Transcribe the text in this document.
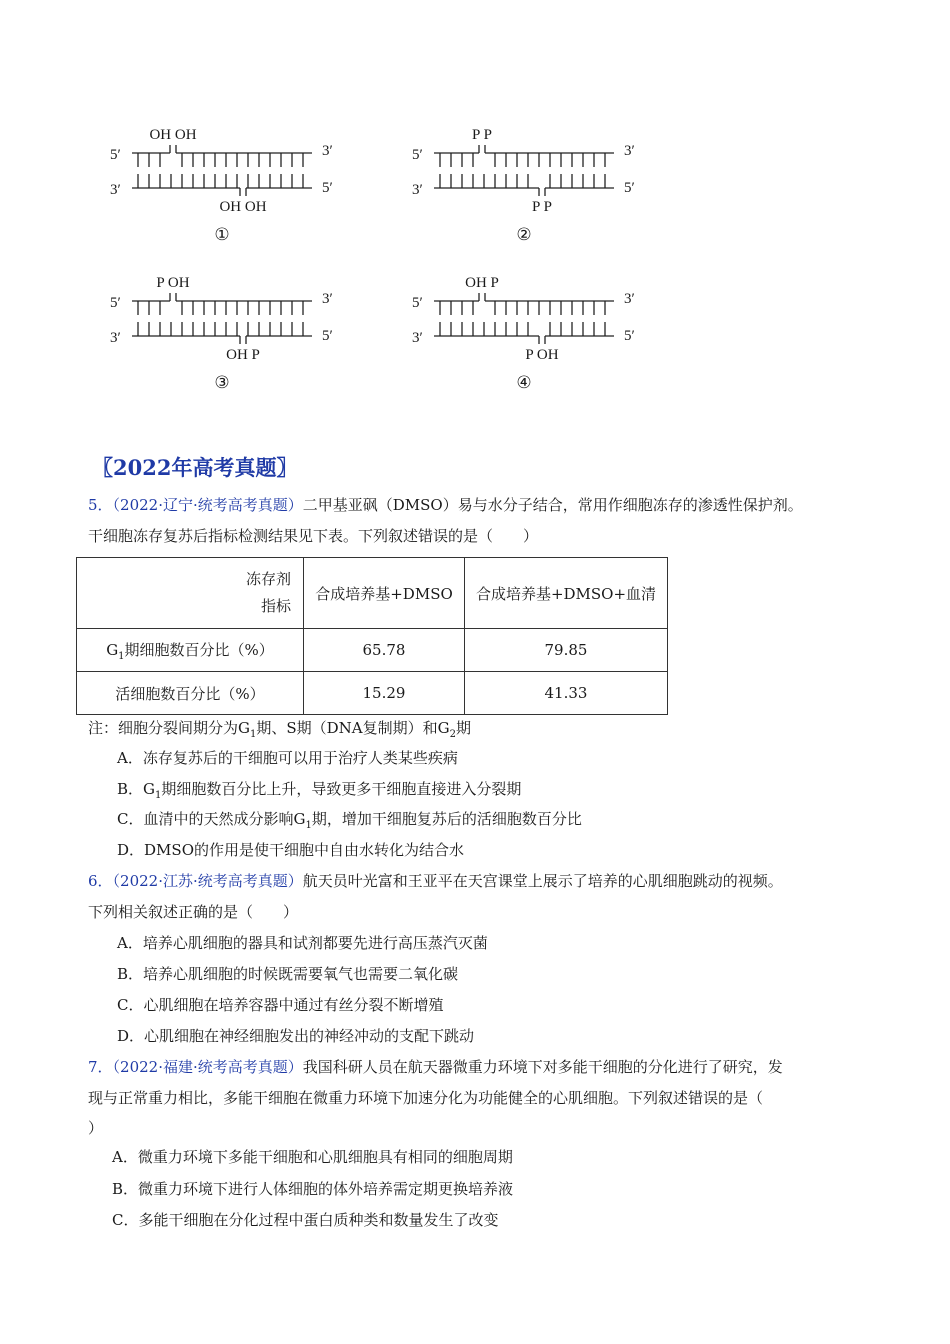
5′	3′
3′	5′
OH OH
OH OH
①
5′	3′
3′	5′
P P
P P
②
5′	3′
3′	5′
P OH
OH P
③
5′	3′
3′	5′
OH P
P OH
④
〖2022年高考真题〗
5．（2022·辽宁·统考高考真题）二甲基亚砜（DMSO）易与水分子结合，常用作细胞冻存的渗透性保护剂。
干细胞冻存复苏后指标检测结果见下表。下列叙述错误的是（　　）
冻存剂
指标	合成培养基+DMSO	合成培养基+DMSO+血清
$G_1$期细胞数百分比（%）	65.78	79.85
活细胞数百分比（%）	15.29	41.33
注：细胞分裂间期分为$G_1$期、S期（DNA复制期）和$G_2$期
A．冻存复苏后的干细胞可以用于治疗人类某些疾病
B．$G_1$期细胞数百分比上升，导致更多干细胞直接进入分裂期
C．血清中的天然成分影响$G_1$期，增加干细胞复苏后的活细胞数百分比
D．DMSO的作用是使干细胞中自由水转化为结合水
6．（2022·江苏·统考高考真题）航天员叶光富和王亚平在天宫课堂上展示了培养的心肌细胞跳动的视频。
下列相关叙述正确的是（　　）
A．培养心肌细胞的器具和试剂都要先进行高压蒸汽灭菌
B．培养心肌细胞的时候既需要氧气也需要二氧化碳
C．心肌细胞在培养容器中通过有丝分裂不断增殖
D．心肌细胞在神经细胞发出的神经冲动的支配下跳动
7．（2022·福建·统考高考真题）我国科研人员在航天器微重力环境下对多能干细胞的分化进行了研究，发
现与正常重力相比，多能干细胞在微重力环境下加速分化为功能健全的心肌细胞。下列叙述错误的是（
）
A．微重力环境下多能干细胞和心肌细胞具有相同的细胞周期
B．微重力环境下进行人体细胞的体外培养需定期更换培养液
C．多能干细胞在分化过程中蛋白质种类和数量发生了改变
